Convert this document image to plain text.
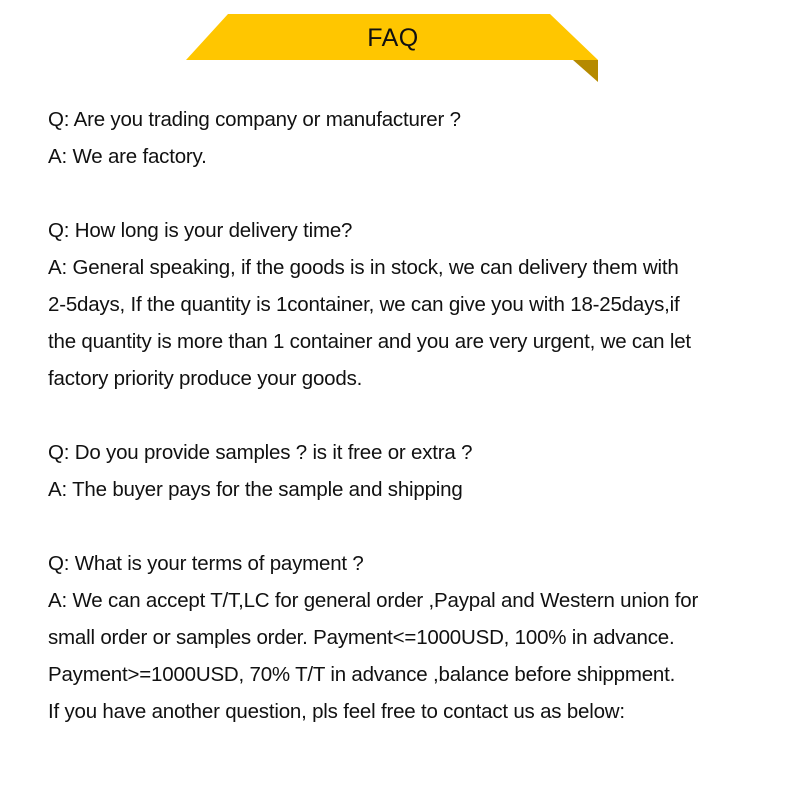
FAQ
Q: Are you trading company or manufacturer ?
A: We are factory.
Q: How long is your delivery time?
A: General speaking, if the goods is in stock, we can delivery them with
2-5days, If the quantity is 1container, we can give you with 18-25days,if
the quantity is more than 1 container and you are very urgent, we can let
factory priority produce your goods.
Q: Do you provide samples ? is it free or extra ?
A: The buyer pays for the sample and shipping
Q: What is your terms of payment ?
A: We can accept T/T,LC for general order ,Paypal and Western union for
small order or samples order. Payment<=1000USD, 100% in advance.
Payment>=1000USD, 70% T/T in advance ,balance before shippment.
If you have another question, pls feel free to contact us as below:
